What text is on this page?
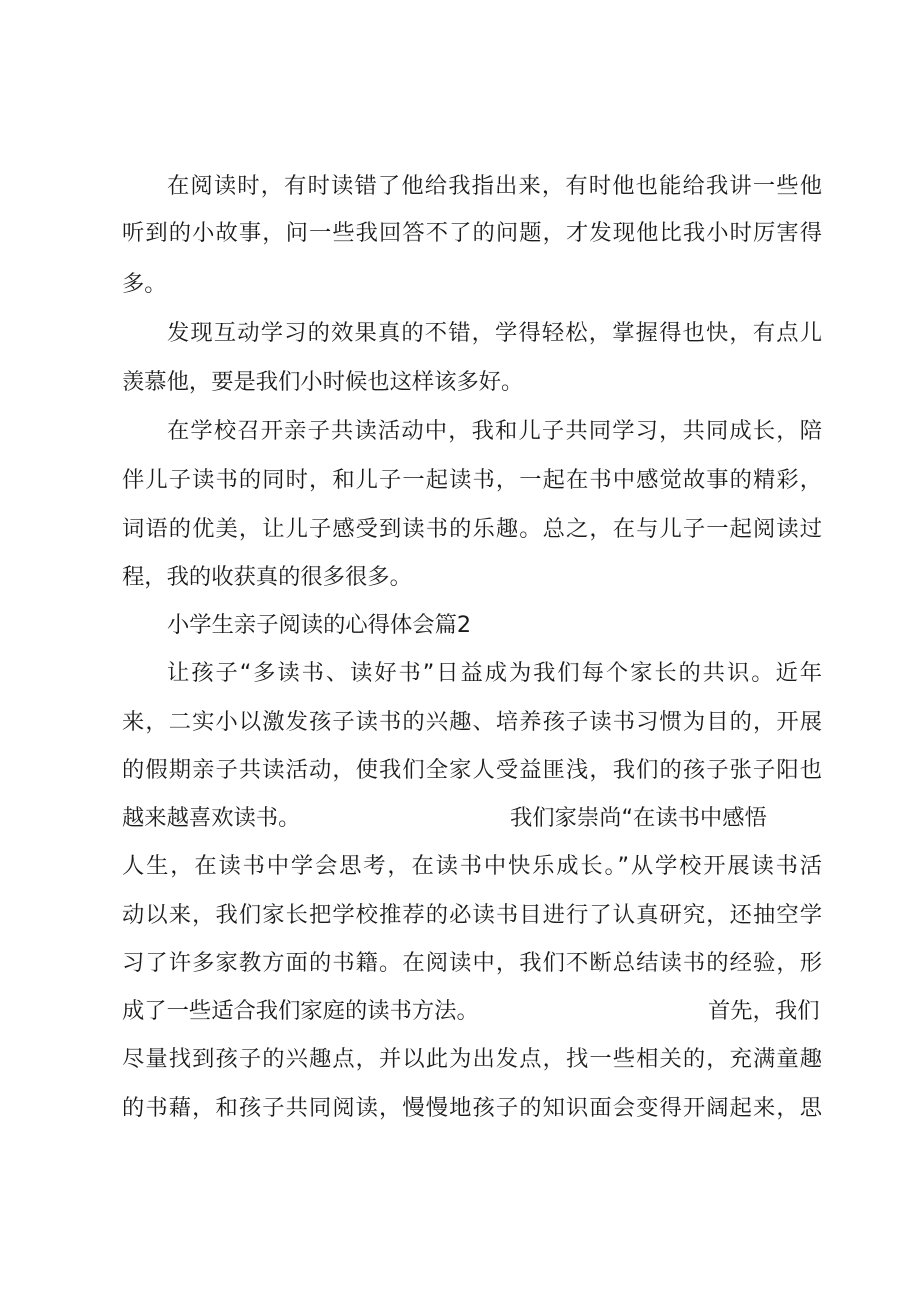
在阅读时，有时读错了他给我指出来，有时他也能给我讲一些他
听到的小故事，问一些我回答不了的问题，才发现他比我小时厉害得
多。
发现互动学习的效果真的不错，学得轻松，掌握得也快，有点儿
羡慕他，要是我们小时候也这样该多好。
在学校召开亲子共读活动中，我和儿子共同学习，共同成长，陪
伴儿子读书的同时，和儿子一起读书，一起在书中感觉故事的精彩，
词语的优美，让儿子感受到读书的乐趣。总之，在与儿子一起阅读过
程，我的收获真的很多很多。
小学生亲子阅读的心得体会篇2
让孩子“多读书、读好书”日益成为我们每个家长的共识。近年
来，二实小以激发孩子读书的兴趣、培养孩子读书习惯为目的，开展
的假期亲子共读活动，使我们全家人受益匪浅，我们的孩子张子阳也
越来越喜欢读书。	我们家崇尚“在读书中感悟
人生，在读书中学会思考，在读书中快乐成长。”从学校开展读书活
动以来，我们家长把学校推荐的必读书目进行了认真研究，还抽空学
习了许多家教方面的书籍。在阅读中，我们不断总结读书的经验，形
成了一些适合我们家庭的读书方法。	首先，我们
尽量找到孩子的兴趣点，并以此为出发点，找一些相关的，充满童趣
的书藉，和孩子共同阅读，慢慢地孩子的知识面会变得开阔起来，思
